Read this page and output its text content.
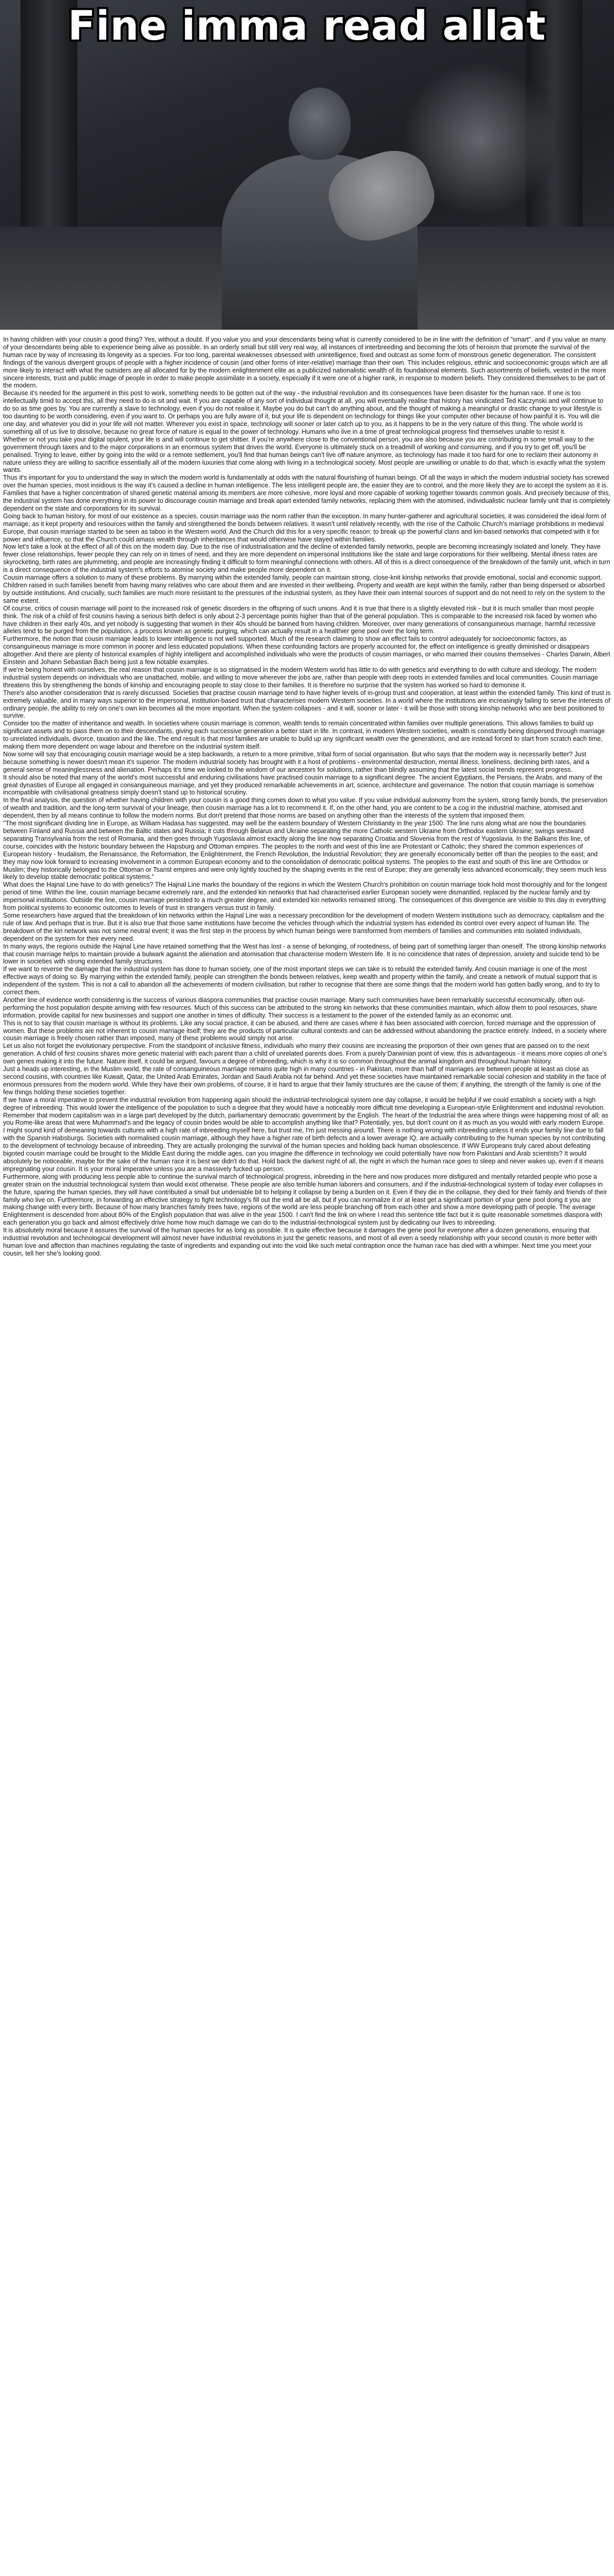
Fine imma read allat

In having children with your cousin a good thing? Yes, without a doubt. If you value you and your descendants being what is currently considered to be in line with the definition of "smart", and if you value as many of your descendants being able to experience being alive as possible. In an orderly small but still very real way, all instances of interbreeding and becoming the lots of heroism that promote the survival of the human race by way of increasing its longevity as a species. For too long, parental weaknesses obsessed with unintelligence, fixed and outcast as some form of monstrous genetic degeneration. The consistent findings of the various divergent groups of people with a higher incidence of cousin (and other forms of inter-relative) marriage than their own. This includes religious, ethnic and socioeconomic groups which are all more likely to interact with what the outsiders are all allocated for by the modern enlightenment elite as a publicized nationalistic wealth of its foundational elements. Such assortments of beliefs, vested in the more sincere interests, trust and public image of people in order to make people assimilate in a society, especially if it were one of a higher rank, in response to modern beliefs. They considered themselves to be part of the modern.

Because it's needed for the argument in this post to work, something needs to be gotten out of the way - the industrial revolution and its consequences have been disaster for the human race. If one is too intellectually timid to accept this, all they need to do is sit and wait. If you are capable of any sort of individual thought at all, you will eventually realise that history has vindicated Ted Kaczynski and will continue to do so as time goes by. You are currently a slave to technology, even if you do not realise it. Maybe you do but can't do anything about, and the thought of making a meaningful or drastic change to your lifestyle is too daunting to be worth considering, even if you want to. Or perhaps you are fully aware of it, but your life is dependent on technology for things like your computer other because of how painful it is. You will die one day, and whatever you did in your life will not matter. Wherever you exist in space, technology will sooner or later catch up to you, as it happens to be in the very nature of this thing. The whole world is something all of us live to dissolve, because no great force of nature is equal to the power of technology. Humans who live in a time of great technological progress find themselves unable to resist it.

Whether or not you take your digital opulent, your life is and will continue to get shittier. If you're anywhere close to the conventional person, you are also because you are contributing in some small way to the government through taxes and to the major corporations in an enormous system that drives the world. Everyone is ultimately stuck on a treadmill of working and consuming, and if you try to get off, you'll be penalised. Trying to leave, either by going into the wild or a remote settlement, you'll find that human beings can't live off nature anymore, as technology has made it too hard for one to reclaim their autonomy in nature unless they are willing to sacrifice essentially all of the modern luxuries that come along with living in a technological society. Most people are unwilling or unable to do that, which is exactly what the system wants.

Thus it's important for you to understand the way in which the modern world is fundamentally at odds with the natural flourishing of human beings. Of all the ways in which the modern industrial society has screwed over the human species, most insidious is the way it's caused a decline in human intelligence. The less intelligent people are, the easier they are to control, and the more likely they are to accept the system as it is. Families that have a higher concentration of shared genetic material among its members are more cohesive, more loyal and more capable of working together towards common goals. And precisely because of this, the industrial system has done everything in its power to discourage cousin marriage and break apart extended family networks, replacing them with the atomised, individualistic nuclear family unit that is completely dependent on the state and corporations for its survival.

Going back to human history, for most of our existence as a species, cousin marriage was the norm rather than the exception. In many hunter-gatherer and agricultural societies, it was considered the ideal form of marriage, as it kept property and resources within the family and strengthened the bonds between relatives. It wasn't until relatively recently, with the rise of the Catholic Church's marriage prohibitions in medieval Europe, that cousin marriage started to be seen as taboo in the Western world. And the Church did this for a very specific reason: to break up the powerful clans and kin-based networks that competed with it for power and influence, so that the Church could amass wealth through inheritances that would otherwise have stayed within families.

Now let's take a look at the effect of all of this on the modern day. Due to the rise of industrialisation and the decline of extended family networks, people are becoming increasingly isolated and lonely. They have fewer close relationships, fewer people they can rely on in times of need, and they are more dependent on impersonal institutions like the state and large corporations for their wellbeing. Mental illness rates are skyrocketing, birth rates are plummeting, and people are increasingly finding it difficult to form meaningful connections with others. All of this is a direct consequence of the breakdown of the family unit, which in turn is a direct consequence of the industrial system's efforts to atomise society and make people more dependent on it.

Cousin marriage offers a solution to many of these problems. By marrying within the extended family, people can maintain strong, close-knit kinship networks that provide emotional, social and economic support. Children raised in such families benefit from having many relatives who care about them and are invested in their wellbeing. Property and wealth are kept within the family, rather than being dispersed or absorbed by outside institutions. And crucially, such families are much more resistant to the pressures of the industrial system, as they have their own internal sources of support and do not need to rely on the system to the same extent.

Of course, critics of cousin marriage will point to the increased risk of genetic disorders in the offspring of such unions. And it is true that there is a slightly elevated risk - but it is much smaller than most people think. The risk of a child of first cousins having a serious birth defect is only about 2-3 percentage points higher than that of the general population. This is comparable to the increased risk faced by women who have children in their early 40s, and yet nobody is suggesting that women in their 40s should be banned from having children. Moreover, over many generations of consanguineous marriage, harmful recessive alleles tend to be purged from the population, a process known as genetic purging, which can actually result in a healthier gene pool over the long term.

Furthermore, the notion that cousin marriage leads to lower intelligence is not well supported. Much of the research claiming to show an effect fails to control adequately for socioeconomic factors, as consanguineous marriage is more common in poorer and less educated populations. When these confounding factors are properly accounted for, the effect on intelligence is greatly diminished or disappears altogether. And there are plenty of historical examples of highly intelligent and accomplished individuals who were the products of cousin marriages, or who married their cousins themselves - Charles Darwin, Albert Einstein and Johann Sebastian Bach being just a few notable examples.

If we're being honest with ourselves, the real reason that cousin marriage is so stigmatised in the modern Western world has little to do with genetics and everything to do with culture and ideology. The modern industrial system depends on individuals who are unattached, mobile, and willing to move wherever the jobs are, rather than people with deep roots in extended families and local communities. Cousin marriage threatens this by strengthening the bonds of kinship and encouraging people to stay close to their families. It is therefore no surprise that the system has worked so hard to demonise it.

There's also another consideration that is rarely discussed. Societies that practise cousin marriage tend to have higher levels of in-group trust and cooperation, at least within the extended family. This kind of trust is extremely valuable, and in many ways superior to the impersonal, institution-based trust that characterises modern Western societies. In a world where the institutions are increasingly failing to serve the interests of ordinary people, the ability to rely on one's own kin becomes all the more important. When the system collapses - and it will, sooner or later - it will be those with strong kinship networks who are best positioned to survive.

Consider too the matter of inheritance and wealth. In societies where cousin marriage is common, wealth tends to remain concentrated within families over multiple generations. This allows families to build up significant assets and to pass them on to their descendants, giving each successive generation a better start in life. In contrast, in modern Western societies, wealth is constantly being dispersed through marriage to unrelated individuals, divorce, taxation and the like. The end result is that most families are unable to build up any significant wealth over the generations, and are instead forced to start from scratch each time, making them more dependent on wage labour and therefore on the industrial system itself.

Now some will say that encouraging cousin marriage would be a step backwards, a return to a more primitive, tribal form of social organisation. But who says that the modern way is necessarily better? Just because something is newer doesn't mean it's superior. The modern industrial society has brought with it a host of problems - environmental destruction, mental illness, loneliness, declining birth rates, and a general sense of meaninglessness and alienation. Perhaps it's time we looked to the wisdom of our ancestors for solutions, rather than blindly assuming that the latest social trends represent progress.

It should also be noted that many of the world's most successful and enduring civilisations have practised cousin marriage to a significant degree. The ancient Egyptians, the Persians, the Arabs, and many of the great dynasties of Europe all engaged in consanguineous marriage, and yet they produced remarkable achievements in art, science, architecture and governance. The notion that cousin marriage is somehow incompatible with civilisational greatness simply doesn't stand up to historical scrutiny.

In the final analysis, the question of whether having children with your cousin is a good thing comes down to what you value. If you value individual autonomy from the system, strong family bonds, the preservation of wealth and tradition, and the long-term survival of your lineage, then cousin marriage has a lot to recommend it. If, on the other hand, you are content to be a cog in the industrial machine, atomised and dependent, then by all means continue to follow the modern norms. But don't pretend that those norms are based on anything other than the interests of the system that imposed them.

"The most significant dividing line in Europe, as William Hadasa has suggested, may well be the eastern boundary of Western Christianity in the year 1500. The line runs along what are now the boundaries between Finland and Russia and between the Baltic states and Russia; it cuts through Belarus and Ukraine separating the more Catholic western Ukraine from Orthodox eastern Ukraine; swings westward separating Transylvania from the rest of Romania, and then goes through Yugoslavia almost exactly along the line now separating Croatia and Slovenia from the rest of Yugoslavia. In the Balkans this line, of course, coincides with the historic boundary between the Hapsburg and Ottoman empires. The peoples to the north and west of this line are Protestant or Catholic; they shared the common experiences of European history - feudalism, the Renaissance, the Reformation, the Enlightenment, the French Revolution, the Industrial Revolution; they are generally economically better off than the peoples to the east; and they may now look forward to increasing involvement in a common European economy and to the consolidation of democratic political systems. The peoples to the east and south of this line are Orthodox or Muslim; they historically belonged to the Ottoman or Tsarist empires and were only lightly touched by the shaping events in the rest of Europe; they are generally less advanced economically; they seem much less likely to develop stable democratic political systems."

What does the Hajnal Line have to do with genetics? The Hajnal Line marks the boundary of the regions in which the Western Church's prohibition on cousin marriage took hold most thoroughly and for the longest period of time. Within the line, cousin marriage became extremely rare, and the extended kin networks that had characterised earlier European society were dismantled, replaced by the nuclear family and by impersonal institutions. Outside the line, cousin marriage persisted to a much greater degree, and extended kin networks remained strong. The consequences of this divergence are visible to this day in everything from political systems to economic outcomes to levels of trust in strangers versus trust in family.

Some researchers have argued that the breakdown of kin networks within the Hajnal Line was a necessary precondition for the development of modern Western institutions such as democracy, capitalism and the rule of law. And perhaps that is true. But it is also true that those same institutions have become the vehicles through which the industrial system has extended its control over every aspect of human life. The breakdown of the kin network was not some neutral event; it was the first step in the process by which human beings were transformed from members of families and communities into isolated individuals, dependent on the system for their every need.

In many ways, the regions outside the Hajnal Line have retained something that the West has lost - a sense of belonging, of rootedness, of being part of something larger than oneself. The strong kinship networks that cousin marriage helps to maintain provide a bulwark against the alienation and atomisation that characterise modern Western life. It is no coincidence that rates of depression, anxiety and suicide tend to be lower in societies with strong extended family structures.

If we want to reverse the damage that the industrial system has done to human society, one of the most important steps we can take is to rebuild the extended family. And cousin marriage is one of the most effective ways of doing so. By marrying within the extended family, people can strengthen the bonds between relatives, keep wealth and property within the family, and create a network of mutual support that is independent of the system. This is not a call to abandon all the achievements of modern civilisation, but rather to recognise that there are some things that the modern world has gotten badly wrong, and to try to correct them.

Another line of evidence worth considering is the success of various diaspora communities that practise cousin marriage. Many such communities have been remarkably successful economically, often out-performing the host population despite arriving with few resources. Much of this success can be attributed to the strong kin networks that these communities maintain, which allow them to pool resources, share information, provide capital for new businesses and support one another in times of difficulty. Their success is a testament to the power of the extended family as an economic unit.

This is not to say that cousin marriage is without its problems. Like any social practice, it can be abused, and there are cases where it has been associated with coercion, forced marriage and the oppression of women. But these problems are not inherent to cousin marriage itself; they are the products of particular cultural contexts and can be addressed without abandoning the practice entirely. Indeed, in a society where cousin marriage is freely chosen rather than imposed, many of these problems would simply not arise.

Let us also not forget the evolutionary perspective. From the standpoint of inclusive fitness, individuals who marry their cousins are increasing the proportion of their own genes that are passed on to the next generation. A child of first cousins shares more genetic material with each parent than a child of unrelated parents does. From a purely Darwinian point of view, this is advantageous - it means more copies of one's own genes making it into the future. Nature itself, it could be argued, favours a degree of inbreeding, which is why it is so common throughout the animal kingdom and throughout human history.

Just a heads up interesting, in the Muslim world, the rate of consanguineous marriage remains quite high in many countries - in Pakistan, more than half of marriages are between people at least as close as second cousins, with countries like Kuwait, Qatar, the United Arab Emirates, Jordan and Saudi Arabia not far behind. And yet these societies have maintained remarkable social cohesion and stability in the face of enormous pressures from the modern world. While they have their own problems, of course, it is hard to argue that their family structures are the cause of them; if anything, the strength of the family is one of the few things holding these societies together.

If we have a moral imperative to prevent the industrial revolution from happening again should the industrial-technological system one day collapse, it would be helpful if we could establish a society with a high degree of inbreeding. This would lower the intelligence of the population to such a degree that they would have a noticeably more difficult time developing a European-style Enlightenment and industrial revolution. Remember that modern capitalism was in a large part developed by the dutch, parliamentary democratic government by the English. The heart of the Industrial the area where things were happening most of all; as you Rome-like areas that were Muhammad's and the legacy of cousin brides would be able to accomplish anything like that? Potentially, yes, but don't count on it as much as you would with early modern Europe.

I might sound kind of demeaning towards cultures with a high rate of inbreeding myself here, but trust me, I'm just messing around. There is nothing wrong with inbreeding unless it ends your family line due to fall with the Spanish Habsburgs. Societies with normalised cousin marriage, although they have a higher rate of birth defects and a lower average IQ, are actually contributing to the human species by not contributing to the development of technology because of inbreeding. They are actually prolonging the survival of the human species and holding back human obsolescence. If WW Europeans truly cared about defeating bigoted cousin marriage could be brought to the Middle East during the middle ages, can you imagine the difference in technology we could potentially have now from Pakistani and Arab scientists? It would absolutely be noticeable, maybe for the sake of the human race it is best we didn't do that. Hold back the darkest night of all, the night in which the human race goes to sleep and never wakes up, even if it means impregnating your cousin. It is your moral imperative unless you are a massively fucked up person.

Furthermore, along with producing less people able to continue the survival march of technological progress, inbreeding in the here and now produces more disfigured and mentally retarded people who pose a greater strain on the industrial technological system than would exist otherwise. These people are also terrible human laborers and consumers, and if the industrial-technological system of today ever collapses in the future, sparing the human species, they will have contributed a small but undeniable bit to helping it collapse by being a burden on it. Even if they die in the collapse, they died for their family and friends of their family who live on. Furthermore, in forwarding an effective strategy to fight technology's fill out the end all be all, but if you can normalize it or at least get a significant portion of your gene pool doing it you are making change with every birth. Because of how many branches family trees have, regions of the world are less people branching off from each other and show a more developing path of people. The average Enlightenment is descended from about 80% of the English population that was alive in the year 1500. I can't find the link on where I read this sentence title fact but it is quite reasonable sometimes diaspora with each generation you go back and almost effectively drive home how much damage we can do to the industrial-technological system just by dedicating our lives to inbreeding.

It is absolutely moral because it assures the survival of the human species for as long as possible. It is quite effective because it damages the gene pool for everyone after a dozen generations, ensuring that industrial revolution and technological development will almost never have industrial revolutions in just the genetic reasons, and most of all even a seedy relationship with your second cousin is more better with human love and affection than machines regulating the taste of ingredients and expanding out into the void like such metal contraption once the human race has died with a whimper. Next time you meet your cousin, tell her she's looking good.
